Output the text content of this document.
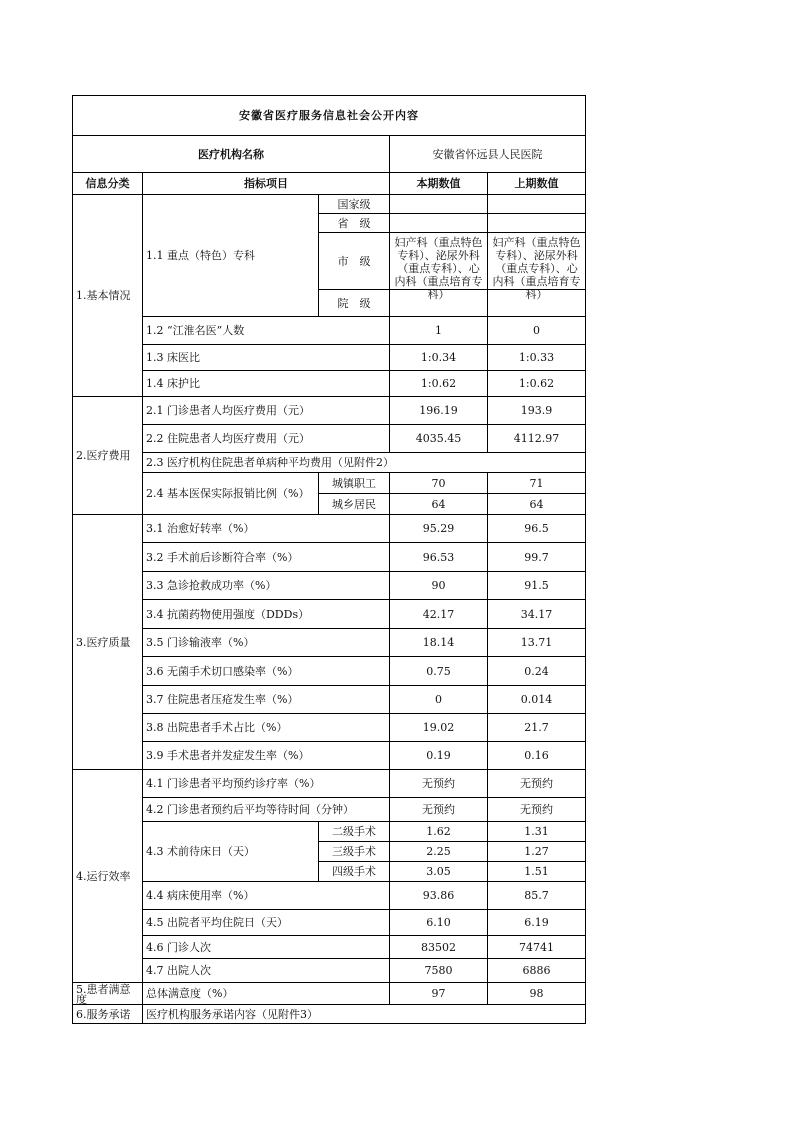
安徽省医疗服务信息社会公开内容				
医疗机构名称			安徽省怀远县人民医院	
信息分类	指标项目		本期数值	上期数值
1.基本情况	1.1 重点（特色）专科	国家级		
		省　级		
		市　级	妇产科（重点特色专科）、泌尿外科（重点专科）、心内科（重点培育专科）	妇产科（重点特色专科）、泌尿外科（重点专科）、心内科（重点培育专科）

		院　级		
	1.2 “江淮名医”人数		1	0
	1.3 床医比		1:0.34	1:0.33
	1.4 床护比		1:0.62	1:0.62
2.医疗费用	2.1 门诊患者人均医疗费用（元）		196.19	193.9
	2.2 住院患者人均医疗费用（元）		4035.45	4112.97
	2.3 医疗机构住院患者单病种平均费用（见附件2）			
	2.4 基本医保实际报销比例（%）	城镇职工	70	71
		城乡居民	64	64
3.医疗质量	3.1 治愈好转率（%）		95.29	96.5
	3.2 手术前后诊断符合率（%）		96.53	99.7
	3.3 急诊抢救成功率（%）		90	91.5
	3.4 抗菌药物使用强度（DDDs）		42.17	34.17
	3.5 门诊输液率（%）		18.14	13.71
	3.6 无菌手术切口感染率（%）		0.75	0.24
	3.7 住院患者压疮发生率（%）		0	0.014
	3.8 出院患者手术占比（%）		19.02	21.7
	3.9 手术患者并发症发生率（%）		0.19	0.16
4.运行效率	4.1 门诊患者平均预约诊疗率（%）		无预约	无预约
	4.2 门诊患者预约后平均等待时间（分钟）		无预约	无预约
	4.3 术前待床日（天）	二级手术	1.62	1.31
		三级手术	2.25	1.27
		四级手术	3.05	1.51
	4.4 病床使用率（%）		93.86	85.7
	4.5 出院者平均住院日（天）		6.10	6.19
	4.6 门诊人次		83502	74741
	4.7 出院人次		7580	6886

5.患者满意度	总体满意度（%）		97	98
6.服务承诺	医疗机构服务承诺内容（见附件3）			
